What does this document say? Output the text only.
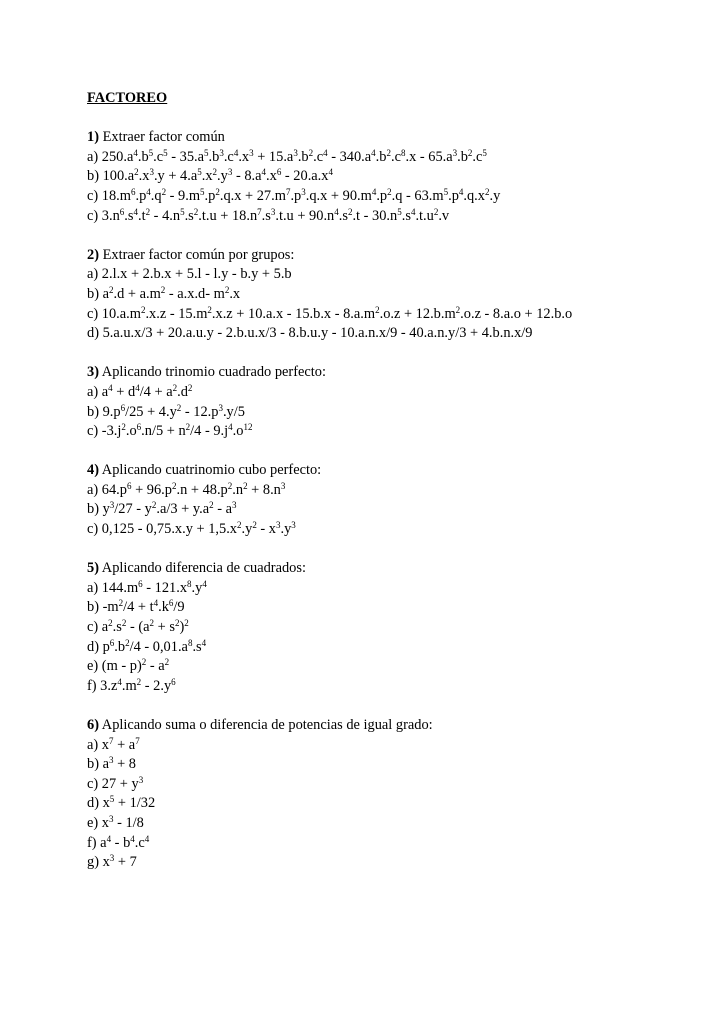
FACTOREO
1) Extraer factor común
a) $250.a^4.b^5.c^5 - 35.a^5.b^3.c^4.x^3 + 15.a^3.b^2.c^4 - 340.a^4.b^2.c^8.x - 65.a^3.b^2.c^5$
b) $100.a^2.x^3.y + 4.a^5.x^2.y^3 - 8.a^4.x^6 - 20.a.x^4$
c) $18.m^6.p^4.q^2 - 9.m^5.p^2.q.x + 27.m^7.p^3.q.x + 90.m^4.p^2.q - 63.m^5.p^4.q.x^2.y$
c) $3.n^6.s^4.t^2 - 4.n^5.s^2.t.u + 18.n^7.s^3.t.u + 90.n^4.s^2.t - 30.n^5.s^4.t.u^2.v$
2) Extraer factor común por grupos:
a) 2.l.x + 2.b.x + 5.l - l.y - b.y + 5.b
b) $a^2.d + a.m^2 - a.x.d-$ $m^2.x$
c) $10.a.m^2.x.z - 15.m^2.x.z + 10.a.x - 15.b.x - 8.a.m^2.o.z + 12.b.m^2.o.z - 8.a.o + 12.b.o$
d) 5.a.u.x/3 + 20.a.u.y - 2.b.u.x/3 - 8.b.u.y - 10.a.n.x/9 - 40.a.n.y/3 + 4.b.n.x/9
3) Aplicando trinomio cuadrado perfecto:
a) $a^4 + d^4/4 + a^2.d^2$
b) $9.p^6/25 + 4.y^2 - 12.p^3.y/5$
c) $-3.j^2.o^6.n/5 + n^2/4 - 9.j^4.o^{12}$
4) Aplicando cuatrinomio cubo perfecto:
a) $64.p^6 + 96.p^2.n + 48.p^2.n^2 + 8.n^3$
b) $y^3/27 - y^2.a/3 + y.a^2 - a^3$
c) $0,125 - 0,75.x.y + 1,5.x^2.y^2 - x^3.y^3$
5) Aplicando diferencia de cuadrados:
a) $144.m^6 - 121.x^8.y^4$
b) $-m^2/4 + t^4.k^6/9$
c) $a^2.s^2 - (a^2 + s^2)^2$
d) $p^6.b^2/4 - 0,01.a^8.s^4$
e) $(m - p)^2 - a^2$
f) $3.z^4.m^2 - 2.y^6$
6) Aplicando suma o diferencia de potencias de igual grado:
a) $x^7 + a^7$
b) $a^3 + 8$
c) $27 + y^3$
d) $x^5 + 1/32$
e) $x^3 - 1/8$
f) $a^4 - b^4.c^4$
g) $x^3 + 7$
